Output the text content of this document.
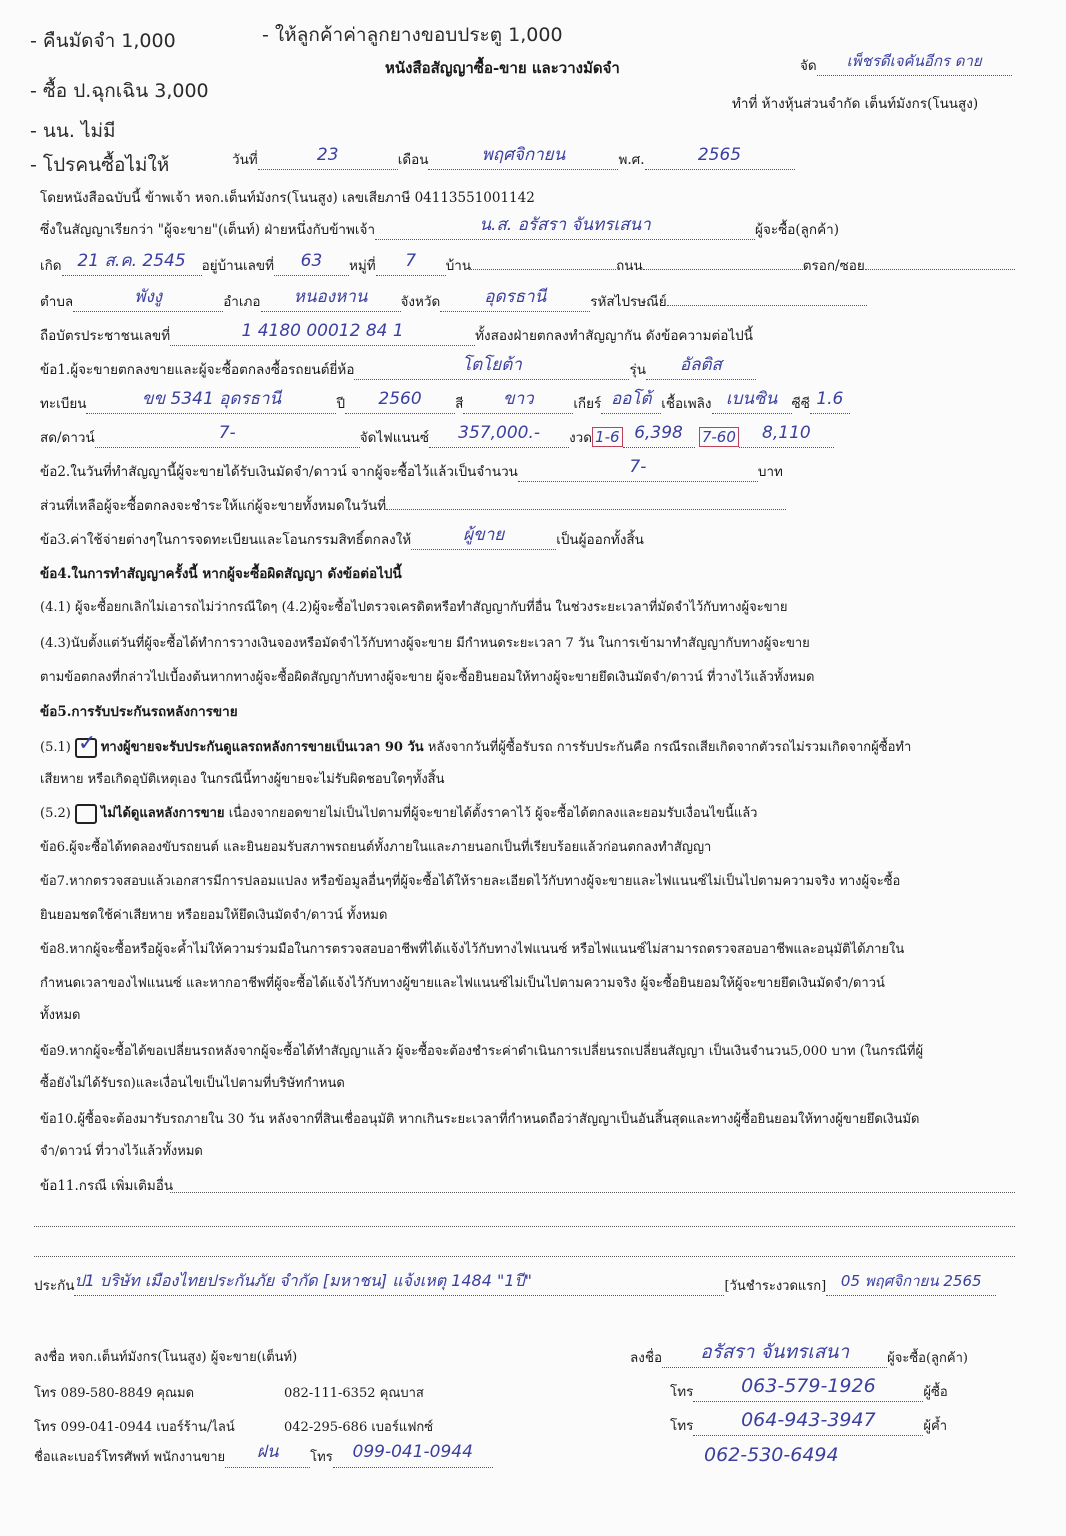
- คืนมัดจำ 1,000
- ซื้อ ป.ฉุกเฉิน 3,000
- นน. ไม่มี
- โปรคนซื้อไม่ให้
- ให้ลูกค้าค่าลูกยางขอบประตู 1,000
หนังสือสัญญาซื้อ-ขาย และวางมัดจำ	จัด เพ็ชรดีเจคันอีกร ดาย
ทำที่ ห้างหุ้นส่วนจำกัด เต็นท์มังกร(โนนสูง)
วันที่	23	เดือน	พฤศจิกายน	พ.ศ.	2565
โดยหนังสือฉบับนี้ ข้าพเจ้า หจก.เต็นท์มังกร(โนนสูง) เลขเสียภาษี 04113551001142
ซึ่งในสัญญาเรียกว่า "ผู้จะขาย"(เต็นท์) ฝ่ายหนึ่งกับข้าพเจ้า	น.ส. อรัสรา จันทรเสนา	ผู้จะซื้อ(ลูกค้า)
เกิด 21 ส.ค. 2545 อยู่บ้านเลขที่ 63 หมู่ที่ 7 บ้าน	ถนน	ตรอก/ซอย
ตำบล	พังงู	อำเภอ หนองหาน จังหวัด	อุดรธานี	รหัสไปรษณีย์
ถือบัตรประชาชนเลขที่	1 4180 00012 84 1	ทั้งสองฝ่ายตกลงทำสัญญากัน ดังข้อความต่อไปนี้
ข้อ1.ผู้จะขายตกลงขายและผู้จะซื้อตกลงซื้อรถยนต์ยี่ห้อ	โตโยต้า	รุ่น อัลติส
ทะเบียน	ขข 5341 อุดรธานี	ปี 2560 สี ขาว	เกียร์ ออโต้ เชื้อเพลิง เบนซิน ซีซี 1.6
สด/ดาวน์	7-	จัดไฟแนนซ์ 357,000.- งวด 1-6 6,398 7-60 8,110
ข้อ2.ในวันที่ทำสัญญานี้ผู้จะขายได้รับเงินมัดจำ/ดาวน์ จากผู้จะซื้อไว้แล้วเป็นจำนวน	7-	บาท
ส่วนที่เหลือผู้จะซื้อตกลงจะชำระให้แก่ผู้จะขายทั้งหมดในวันที่
ข้อ3.ค่าใช้จ่ายต่างๆในการจดทะเบียนและโอนกรรมสิทธิ์ตกลงให้	ผู้ขาย	เป็นผู้ออกทั้งสิ้น
ข้อ4.ในการทำสัญญาครั้งนี้ หากผู้จะซื้อผิดสัญญา ดังข้อต่อไปนี้
(4.1) ผู้จะซื้อยกเลิกไม่เอารถไม่ว่ากรณีใดๆ (4.2)ผู้จะซื้อไปตรวจเครดิตหรือทำสัญญากับที่อื่น ในช่วงระยะเวลาที่มัดจำไว้กับทางผู้จะขาย
(4.3)นับตั้งแต่วันที่ผู้จะซื้อได้ทำการวางเงินจองหรือมัดจำไว้กับทางผู้จะขาย มีกำหนดระยะเวลา 7 วัน ในการเข้ามาทำสัญญากับทางผู้จะขาย
ตามข้อตกลงที่กล่าวไปเบื้องต้นหากทางผู้จะซื้อผิดสัญญากับทางผู้จะขาย ผู้จะซื้อยินยอมให้ทางผู้จะขายยึดเงินมัดจำ/ดาวน์ ที่วางไว้แล้วทั้งหมด
ข้อ5.การรับประกันรถหลังการขาย
(5.1) ✓ ทางผู้ขายจะรับประกันดูแลรถหลังการขายเป็นเวลา 90 วัน หลังจากวันที่ผู้ซื้อรับรถ การรับประกันคือ กรณีรถเสียเกิดจากตัวรถไม่รวมเกิดจากผู้ซื้อทำ
เสียหาย หรือเกิดอุบัติเหตุเอง ในกรณีนี้ทางผู้ขายจะไม่รับผิดชอบใดๆทั้งสิ้น
(5.2) ไม่ได้ดูแลหลังการขาย เนื่องจากยอดขายไม่เป็นไปตามที่ผู้จะขายได้ตั้งราคาไว้ ผู้จะซื้อได้ตกลงและยอมรับเงื่อนไขนี้แล้ว
ข้อ6.ผู้จะซื้อได้ทดลองขับรถยนต์ และยินยอมรับสภาพรถยนต์ทั้งภายในและภายนอกเป็นที่เรียบร้อยแล้วก่อนตกลงทำสัญญา
ข้อ7.หากตรวจสอบแล้วเอกสารมีการปลอมแปลง หรือข้อมูลอื่นๆที่ผู้จะซื้อได้ให้รายละเอียดไว้กับทางผู้จะขายและไฟแนนซ์ไม่เป็นไปตามความจริง ทางผู้จะซื้อ
ยินยอมชดใช้ค่าเสียหาย หรือยอมให้ยึดเงินมัดจำ/ดาวน์ ทั้งหมด
ข้อ8.หากผู้จะซื้อหรือผู้จะค้ำไม่ให้ความร่วมมือในการตรวจสอบอาชีพที่ได้แจ้งไว้กับทางไฟแนนซ์ หรือไฟแนนซ์ไม่สามารถตรวจสอบอาชีพและอนุมัติได้ภายใน
กำหนดเวลาของไฟแนนซ์ และหากอาชีพที่ผู้จะซื้อได้แจ้งไว้กับทางผู้ขายและไฟแนนซ์ไม่เป็นไปตามความจริง ผู้จะซื้อยินยอมให้ผู้จะขายยึดเงินมัดจำ/ดาวน์
ทั้งหมด
ข้อ9.หากผู้จะซื้อได้ขอเปลี่ยนรถหลังจากผู้จะซื้อได้ทำสัญญาแล้ว ผู้จะซื้อจะต้องชำระค่าดำเนินการเปลี่ยนรถเปลี่ยนสัญญา เป็นเงินจำนวน5,000 บาท (ในกรณีที่ผู้
ซื้อยังไม่ได้รับรถ)และเงื่อนไขเป็นไปตามที่บริษัทกำหนด
ข้อ10.ผู้ซื้อจะต้องมารับรถภายใน 30 วัน หลังจากที่สินเชื่ออนุมัติ หากเกินระยะเวลาที่กำหนดถือว่าสัญญาเป็นอันสิ้นสุดและทางผู้ซื้อยินยอมให้ทางผู้ขายยึดเงินมัด
จำ/ดาวน์ ที่วางไว้แล้วทั้งหมด
ข้อ11.กรณี เพิ่มเติมอื่น
ประกันป1 บริษัท เมืองไทยประกันภัย จำกัด [มหาชน] แจ้งเหตุ 1484 "1ปี"	[วันชำระงวดแรก] 05 พฤศจิกายน 2565
ลงชื่อ หจก.เต็นท์มังกร(โนนสูง) ผู้จะขาย(เต็นท์)
โทร 089-580-8849 คุณมด	082-111-6352 คุณบาส
โทร 099-041-0944 เบอร์ร้าน/ไลน์	042-295-686 เบอร์แฟกซ์
ชื่อและเบอร์โทรศัพท์ พนักงานขาย ฝน โทร 099-041-0944
ลงชื่อ อรัสรา จันทรเสนา	ผู้จะซื้อ(ลูกค้า)
โทร	063-579-1926	ผู้ซื้อ
โทร	064-943-3947	ผู้ค้ำ
062-530-6494
